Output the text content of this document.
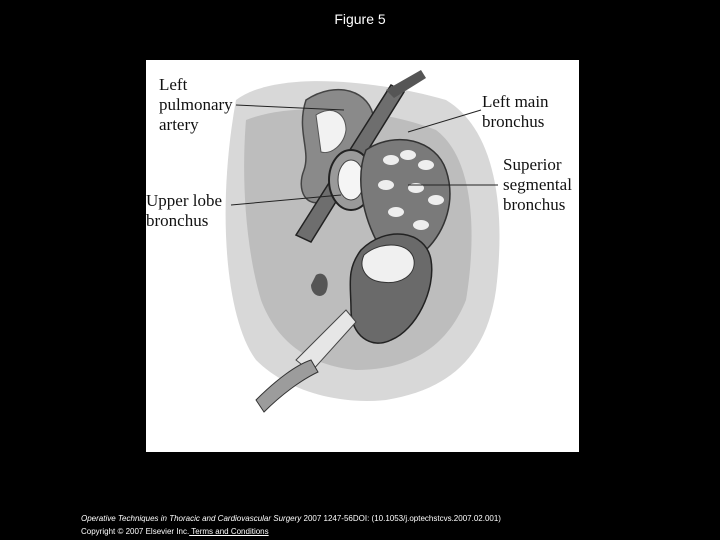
Figure 5
Left
pulmonary
artery
Left main
bronchus
Superior
segmental
bronchus
Upper lobe
bronchus
Operative Techniques in Thoracic and Cardiovascular Surgery 2007 1247-56DOI: (10.1053/j.optechstcvs.2007.02.001)
Copyright © 2007 Elsevier Inc. Terms and Conditions
